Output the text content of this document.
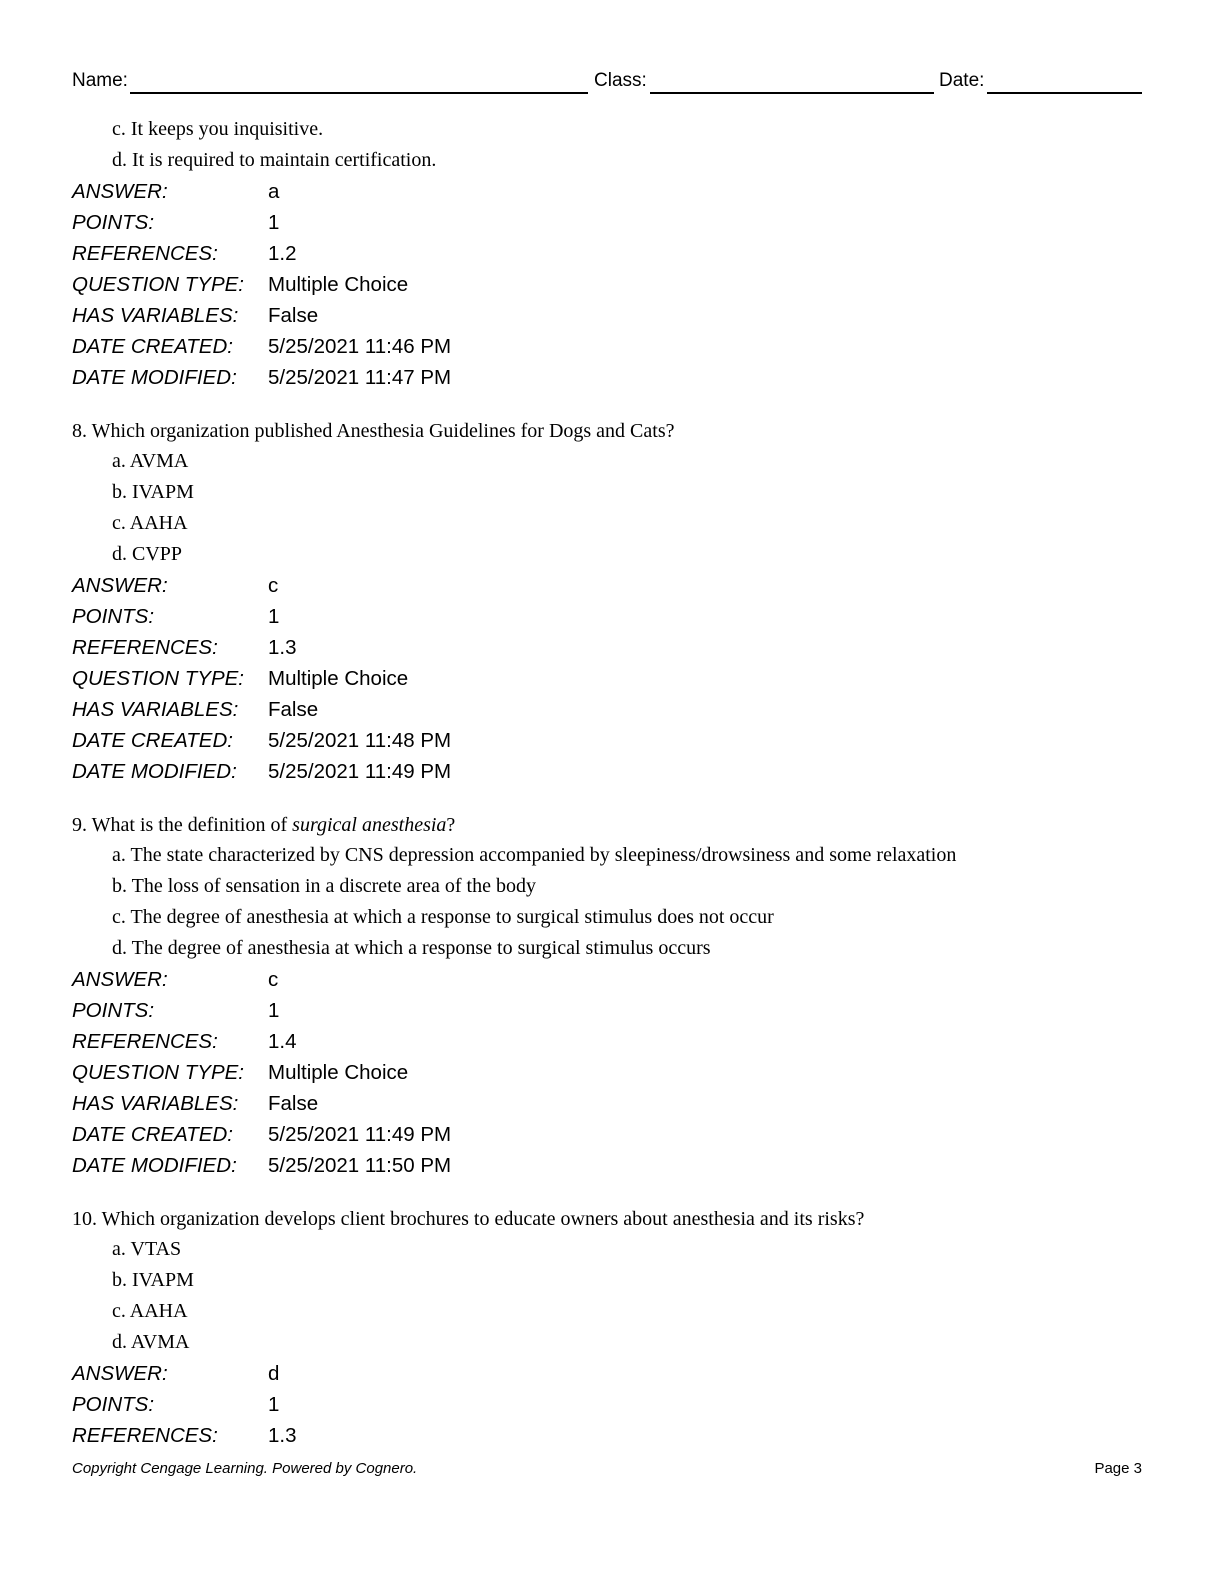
Name:	Class:	Date:
c. It keeps you inquisitive.
d. It is required to maintain certification.
ANSWER:	a
POINTS:	1
REFERENCES:	1.2
QUESTION TYPE:	Multiple Choice
HAS VARIABLES:	False
DATE CREATED:	5/25/2021 11:46 PM
DATE MODIFIED:	5/25/2021 11:47 PM
8. Which organization published Anesthesia Guidelines for Dogs and Cats?
a. AVMA
b. IVAPM
c. AAHA
d. CVPP
ANSWER:	c
POINTS:	1
REFERENCES:	1.3
QUESTION TYPE:	Multiple Choice
HAS VARIABLES:	False
DATE CREATED:	5/25/2021 11:48 PM
DATE MODIFIED:	5/25/2021 11:49 PM
9. What is the definition of surgical anesthesia?
a. The state characterized by CNS depression accompanied by sleepiness/drowsiness and some relaxation
b. The loss of sensation in a discrete area of the body
c. The degree of anesthesia at which a response to surgical stimulus does not occur
d. The degree of anesthesia at which a response to surgical stimulus occurs
ANSWER:	c
POINTS:	1
REFERENCES:	1.4
QUESTION TYPE:	Multiple Choice
HAS VARIABLES:	False
DATE CREATED:	5/25/2021 11:49 PM
DATE MODIFIED:	5/25/2021 11:50 PM
10. Which organization develops client brochures to educate owners about anesthesia and its risks?
a. VTAS
b. IVAPM
c. AAHA
d. AVMA
ANSWER:	d
POINTS:	1
REFERENCES:	1.3
Copyright Cengage Learning. Powered by Cognero.	Page 3
